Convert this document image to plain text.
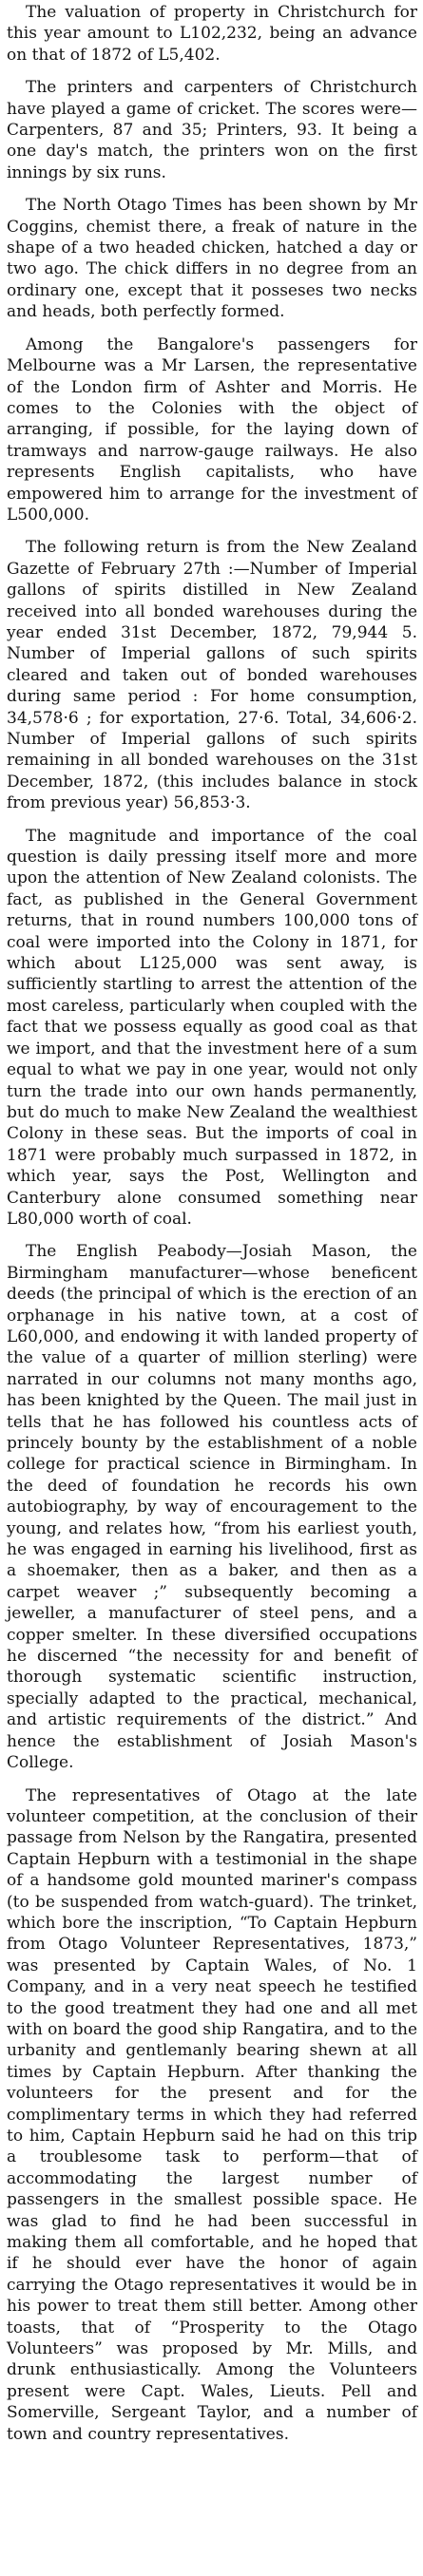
The valuation of property in Christchurch for this year amount to L102,232, being an advance on that of 1872 of L5,402.

The printers and carpenters of Christchurch have played a game of cricket. The scores were—Carpenters, 87 and 35; Printers, 93. It being a one day's match, the printers won on the first innings by six runs.

The North Otago Times has been shown by Mr Coggins, chemist there, a freak of nature in the shape of a two headed chicken, hatched a day or two ago. The chick differs in no degree from an ordinary one, except that it posseses two necks and heads, both perfectly formed.

Among the Bangalore's passengers for Melbourne was a Mr Larsen, the representative of the London firm of Ashter and Morris. He comes to the Colonies with the object of arranging, if possible, for the laying down of tramways and narrow-gauge railways. He also represents English capitalists, who have empowered him to arrange for the investment of L500,000.

The following return is from the New Zealand Gazette of February 27th :—Number of Imperial gallons of spirits distilled in New Zealand received into all bonded warehouses during the year ended 31st December, 1872, 79,944 5. Number of Imperial gallons of such spirits cleared and taken out of bonded warehouses during same period : For home consumption, 34,578·6 ; for exportation, 27·6. Total, 34,606·2. Number of Imperial gallons of such spirits remaining in all bonded warehouses on the 31st December, 1872, (this includes balance in stock from previous year) 56,853·3.

The magnitude and importance of the coal question is daily pressing itself more and more upon the attention of New Zealand colonists. The fact, as published in the General Government returns, that in round numbers 100,000 tons of coal were imported into the Colony in 1871, for which about L125,000 was sent away, is sufficiently startling to arrest the attention of the most careless, particularly when coupled with the fact that we possess equally as good coal as that we import, and that the investment here of a sum equal to what we pay in one year, would not only turn the trade into our own hands permanently, but do much to make New Zealand the wealthiest Colony in these seas. But the imports of coal in 1871 were probably much surpassed in 1872, in which year, says the Post, Wellington and Canterbury alone consumed something near L80,000 worth of coal.

The English Peabody—Josiah Mason, the Birmingham manufacturer—whose beneficent deeds (the principal of which is the erection of an orphanage in his native town, at a cost of L60,000, and endowing it with landed property of the value of a quarter of million sterling) were narrated in our columns not many months ago, has been knighted by the Queen. The mail just in tells that he has followed his countless acts of princely bounty by the establishment of a noble college for practical science in Birmingham. In the deed of foundation he records his own autobiography, by way of encouragement to the young, and relates how, “from his earliest youth, he was engaged in earning his livelihood, first as a shoemaker, then as a baker, and then as a carpet weaver ;” subsequently becoming a jeweller, a manufacturer of steel pens, and a copper smelter. In these diversified occupations he discerned “the necessity for and benefit of thorough systematic scientific instruction, specially adapted to the practical, mechanical, and artistic requirements of the district.” And hence the establishment of Josiah Mason's College.

The representatives of Otago at the late volunteer competition, at the conclusion of their passage from Nelson by the Rangatira, presented Captain Hepburn with a testimonial in the shape of a handsome gold mounted mariner's compass (to be suspended from watch-guard). The trinket, which bore the inscription, “To Captain Hepburn from Otago Volunteer Representatives, 1873,” was presented by Captain Wales, of No. 1 Company, and in a very neat speech he testified to the good treatment they had one and all met with on board the good ship Rangatira, and to the urbanity and gentlemanly bearing shewn at all times by Captain Hepburn. After thanking the volunteers for the present and for the complimentary terms in which they had referred to him, Captain Hepburn said he had on this trip a troublesome task to perform—that of accommodating the largest number of passengers in the smallest possible space. He was glad to find he had been successful in making them all comfortable, and he hoped that if he should ever have the honor of again carrying the Otago representatives it would be in his power to treat them still better. Among other toasts, that of “Prosperity to the Otago Volunteers” was proposed by Mr. Mills, and drunk enthusiastically. Among the Volunteers present were Capt. Wales, Lieuts. Pell and Somerville, Sergeant Taylor, and a number of town and country representatives.
